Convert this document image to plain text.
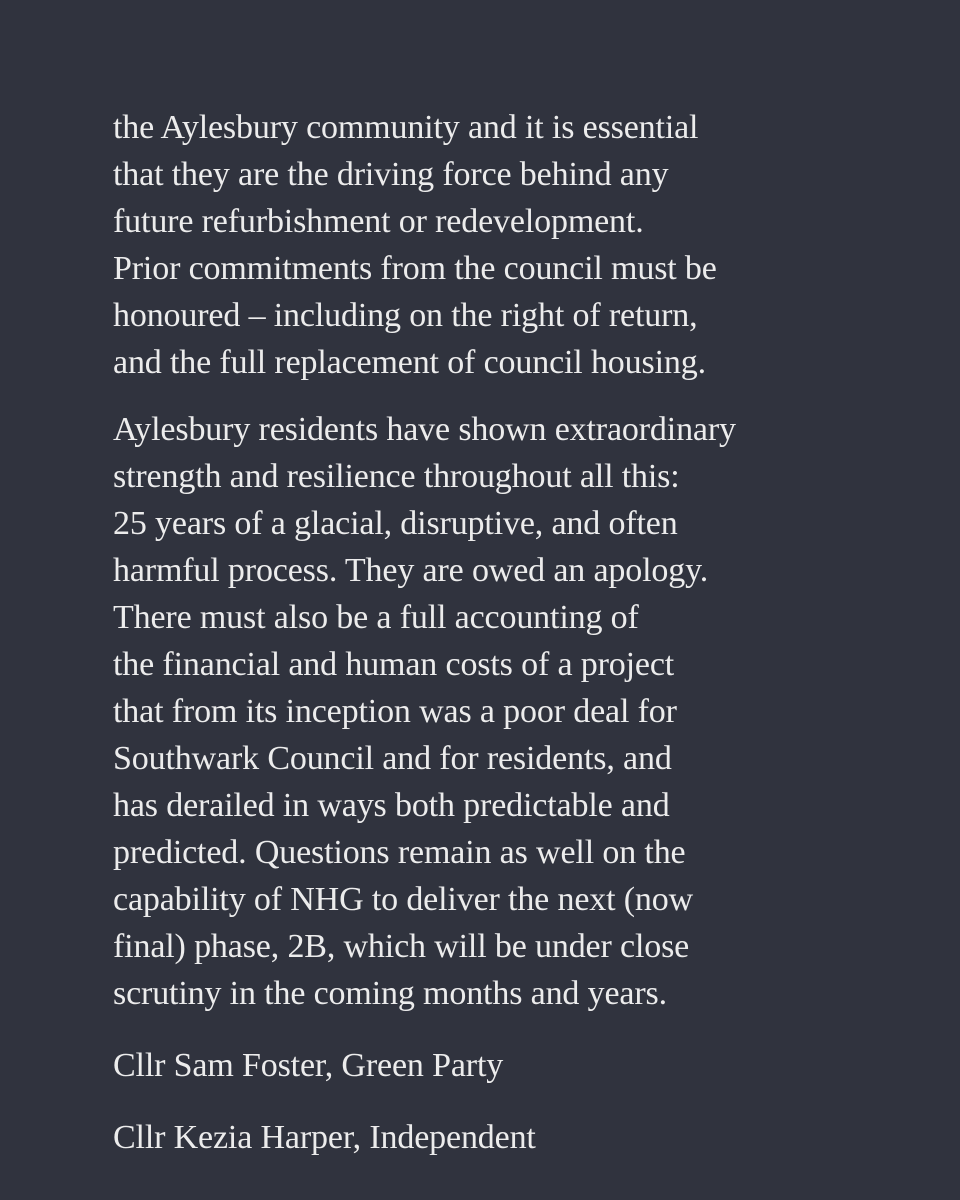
the Aylesbury community and it is essential
that they are the driving force behind any
future refurbishment or redevelopment.
Prior commitments from the council must be
honoured – including on the right of return,
and the full replacement of council housing.

Aylesbury residents have shown extraordinary
strength and resilience throughout all this:
25 years of a glacial, disruptive, and often
harmful process. They are owed an apology.
There must also be a full accounting of
the financial and human costs of a project
that from its inception was a poor deal for
Southwark Council and for residents, and
has derailed in ways both predictable and
predicted. Questions remain as well on the
capability of NHG to deliver the next (now
final) phase, 2B, which will be under close
scrutiny in the coming months and years.

Cllr Sam Foster, Green Party

Cllr Kezia Harper, Independent
